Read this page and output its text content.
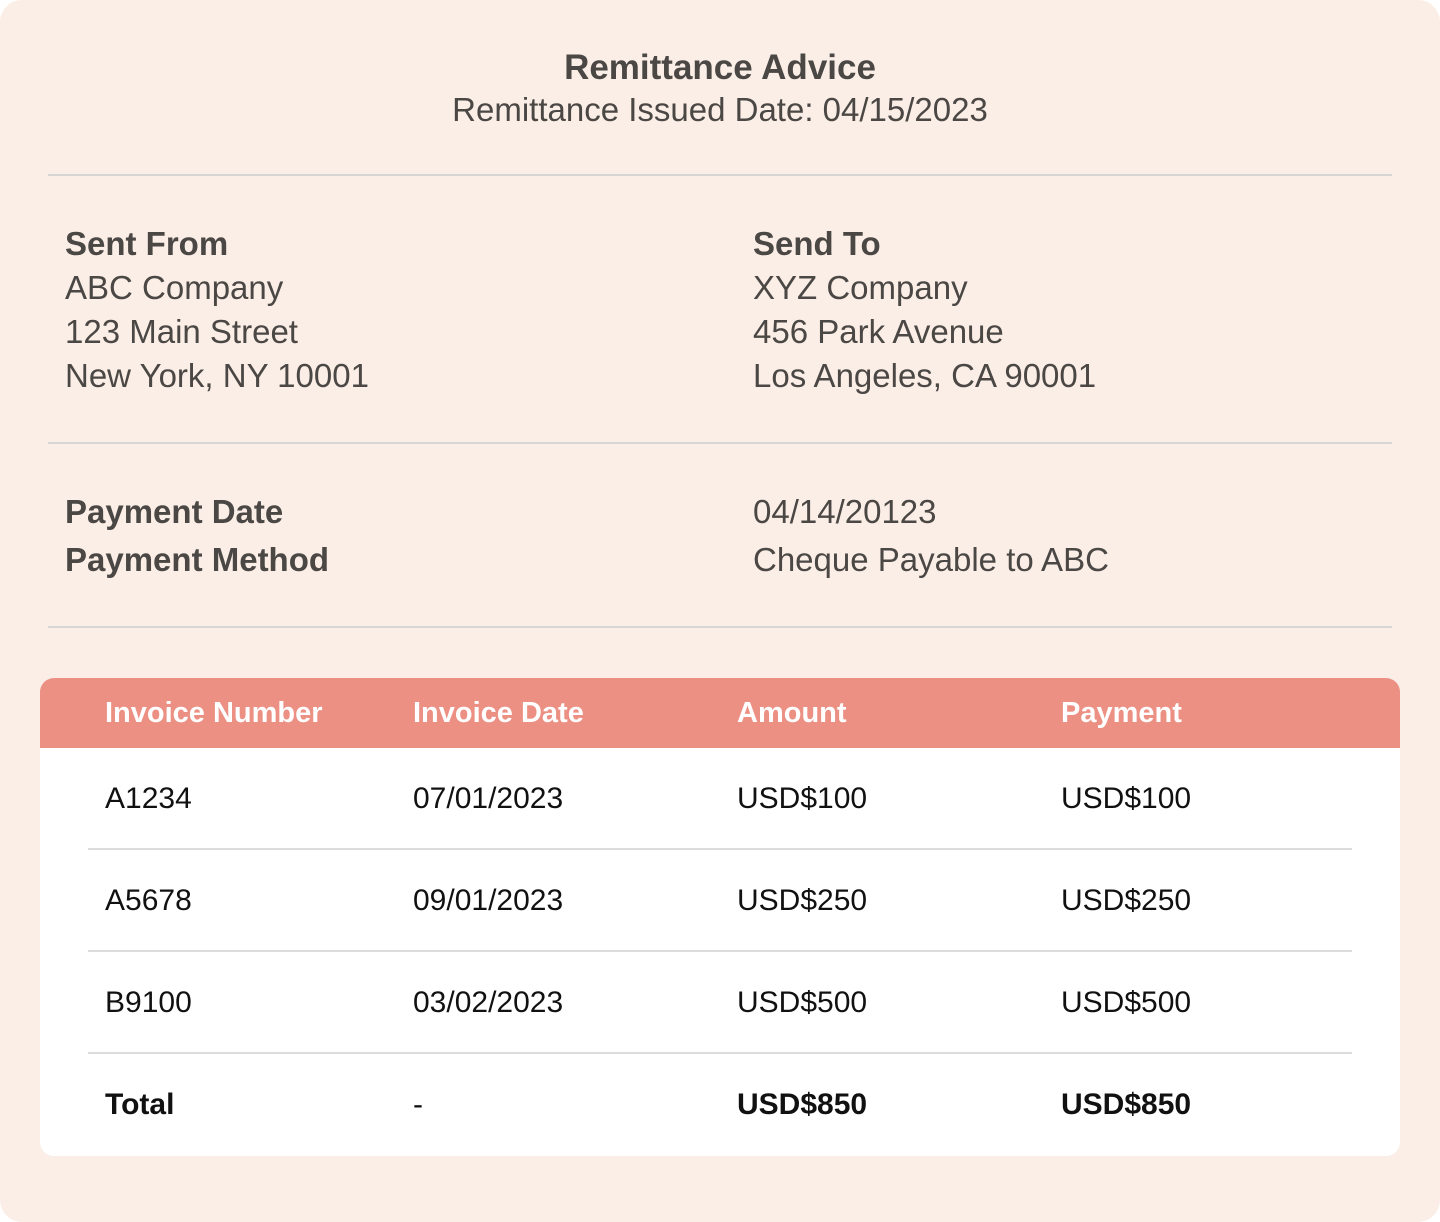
Remittance Advice
Remittance Issued Date: 04/15/2023
Sent From
ABC Company
123 Main Street
New York, NY 10001
Send To
XYZ Company
456 Park Avenue
Los Angeles, CA 90001
Payment Date	04/14/20123
Payment Method	Cheque Payable to ABC
Invoice Number	Invoice Date	Amount	Payment
A1234	07/01/2023	USD$100	USD$100
A5678	09/01/2023	USD$250	USD$250
B9100	03/02/2023	USD$500	USD$500
Total	-	USD$850	USD$850
